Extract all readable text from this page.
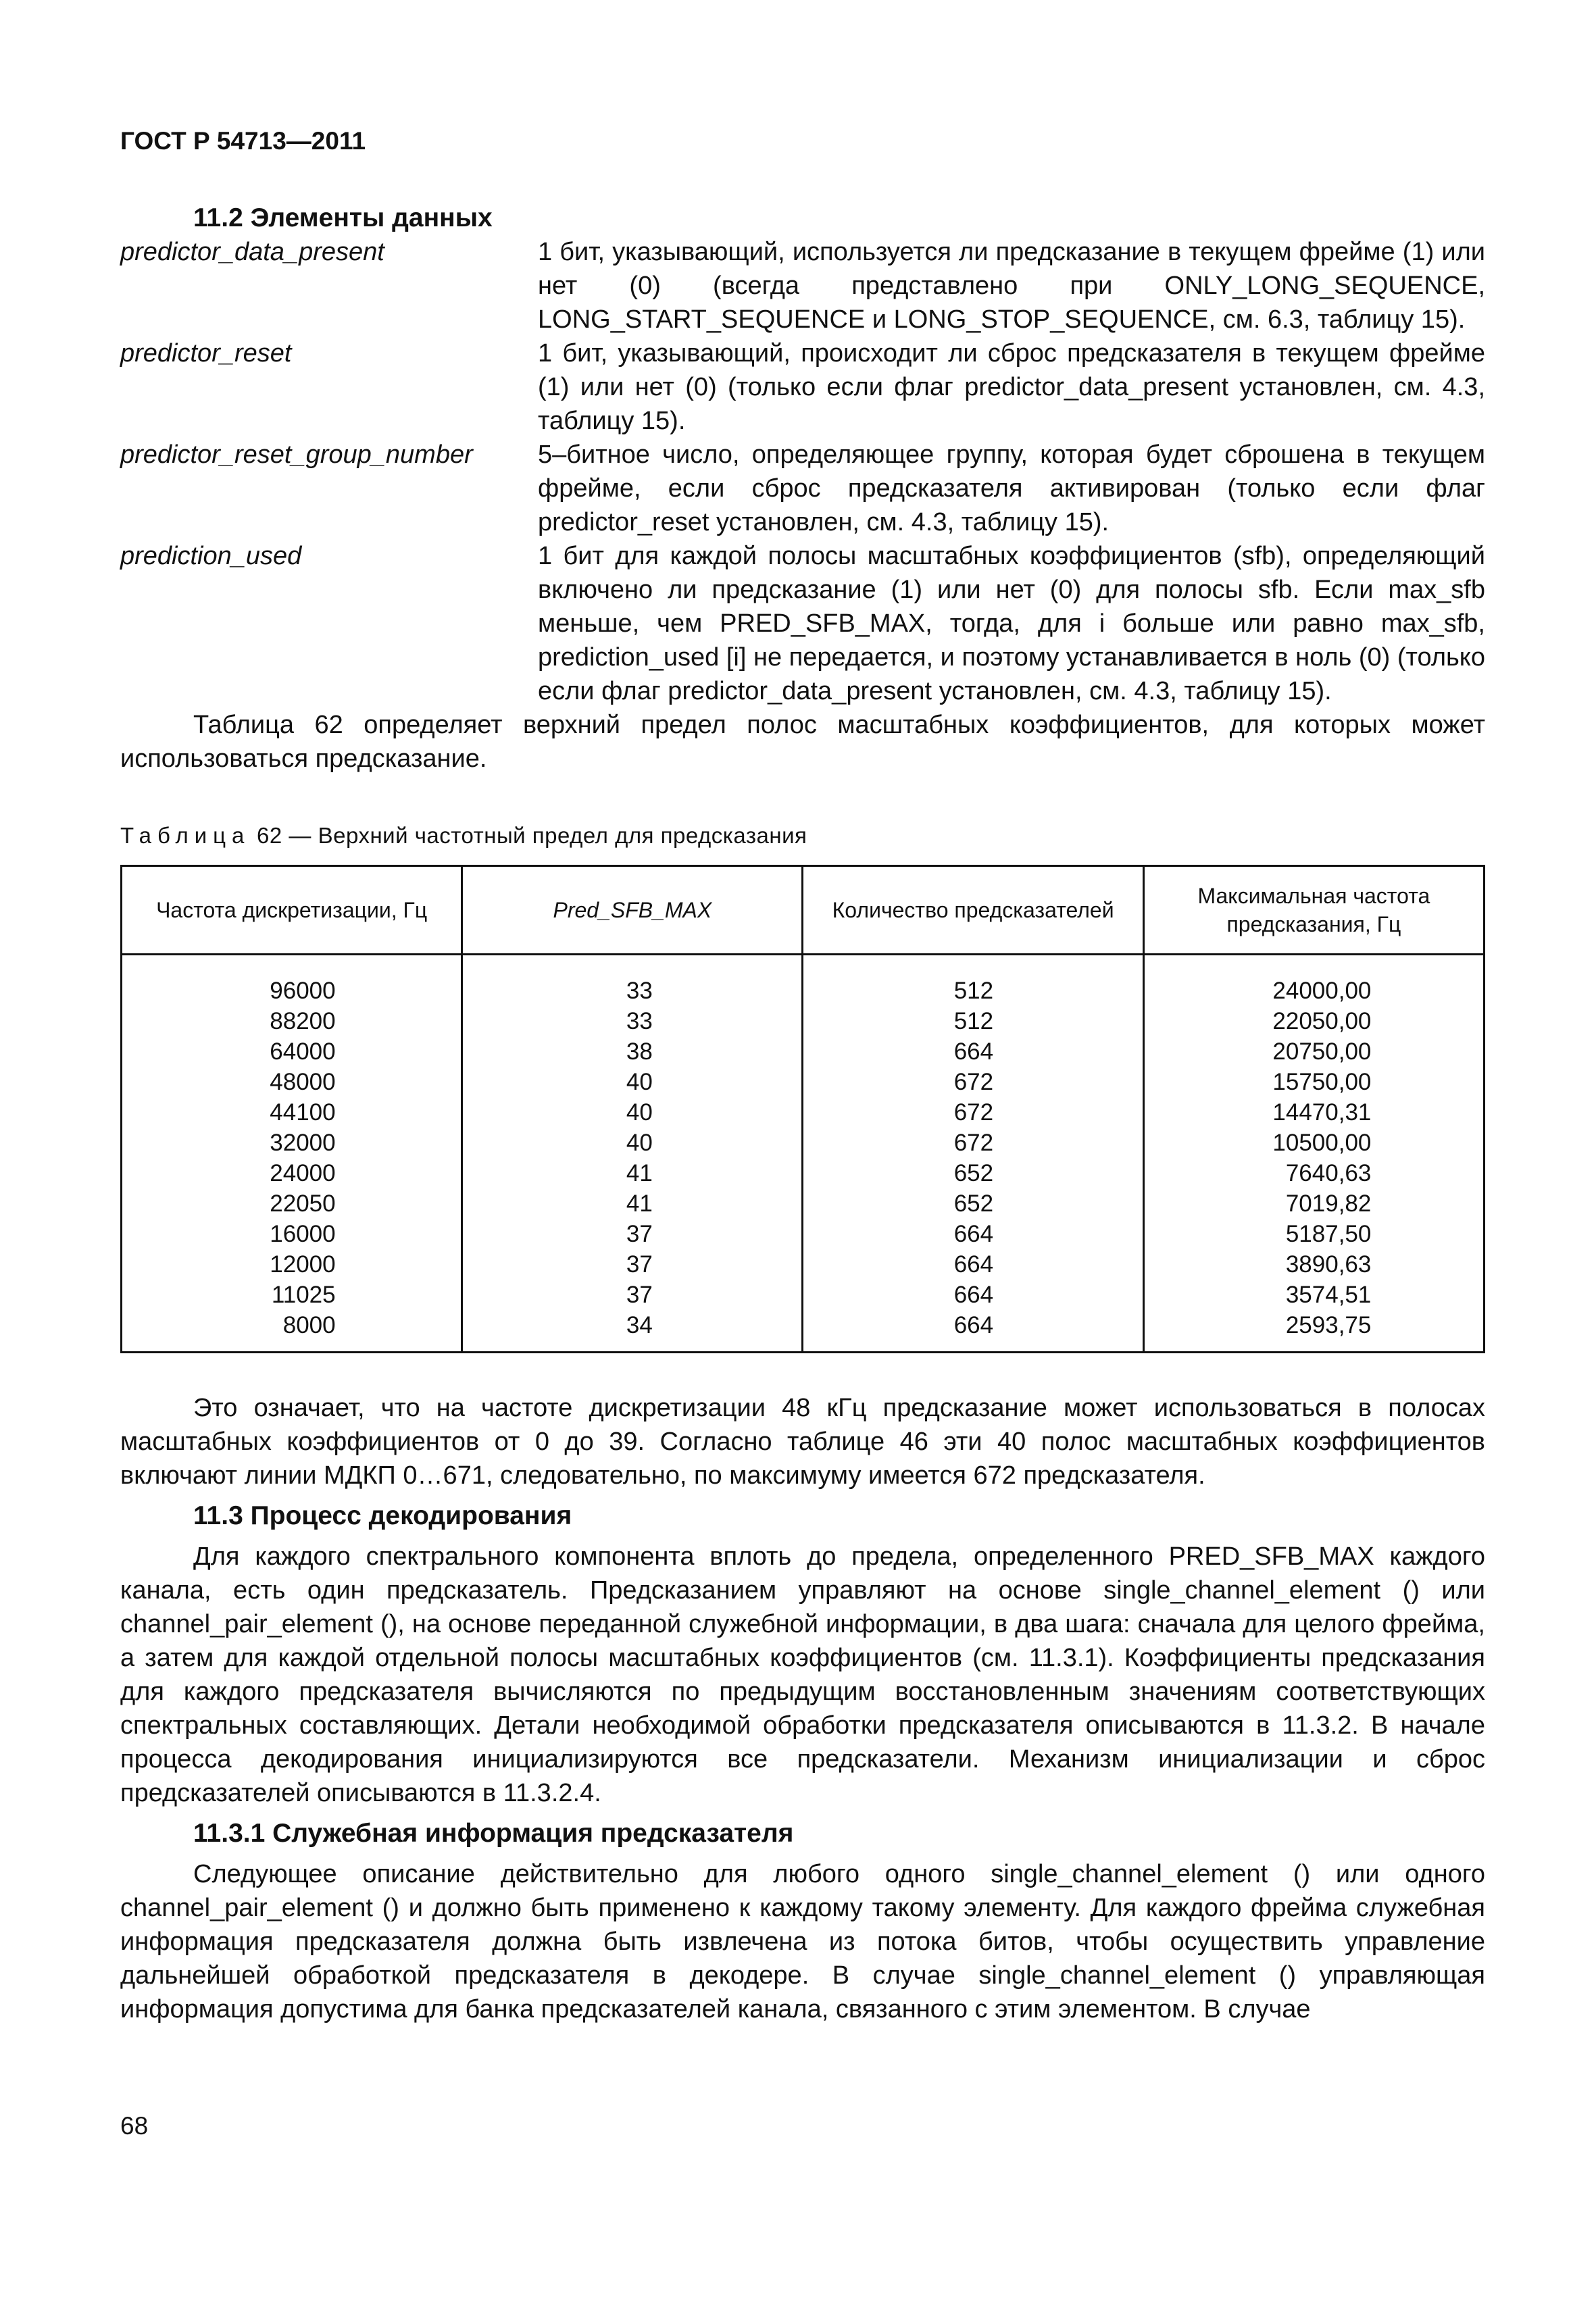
ГОСТ Р 54713—2011
11.2 Элементы данных
predictor_data_present	1 бит, указывающий, используется ли предсказание в текущем фрейме (1) или нет (0) (всегда представлено при ONLY_LONG_SEQUENCE, LONG_START_SEQUENCE и LONG_STOP_SEQUENCE, см. 6.3, таблицу 15).
predictor_reset	1 бит, указывающий, происходит ли сброс предсказателя в текущем фрейме (1) или нет (0) (только если флаг predictor_data_present установлен, см. 4.3, таблицу 15).
predictor_reset_group_number	5–битное число, определяющее группу, которая будет сброшена в текущем фрейме, если сброс предсказателя активирован (только если флаг predictor_reset установлен, см. 4.3, таблицу 15).
prediction_used	1 бит для каждой полосы масштабных коэффициентов (sfb), определяющий включено ли предсказание (1) или нет (0) для полосы sfb. Если max_sfb меньше, чем PRED_SFB_MAX, тогда, для i больше или равно max_sfb, prediction_used [i] не передается, и поэтому устанавливается в ноль (0) (только если флаг predictor_data_present установлен, см. 4.3, таблицу 15).

Таблица 62 определяет верхний предел полос масштабных коэффициентов, для которых может использоваться предсказание.

Таблица 62 — Верхний частотный предел для предсказания
Частота дискретизации, Гц	Pred_SFB_MAX	Количество предсказателей	Максимальная частота предсказания, Гц
96000	33	512	24000,00
88200	33	512	22050,00
64000	38	664	20750,00
48000	40	672	15750,00
44100	40	672	14470,31
32000	40	672	10500,00
24000	41	652	7640,63
22050	41	652	7019,82
16000	37	664	5187,50
12000	37	664	3890,63
11025	37	664	3574,51
8000	34	664	2593,75

Это означает, что на частоте дискретизации 48 кГц предсказание может использоваться в полосах масштабных коэффициентов от 0 до 39. Согласно таблице 46 эти 40 полос масштабных коэффициентов включают линии МДКП 0…671, следовательно, по максимуму имеется 672 предсказателя.

11.3 Процесс декодирования

Для каждого спектрального компонента вплоть до предела, определенного PRED_SFB_MAX каждого канала, есть один предсказатель. Предсказанием управляют на основе single_channel_element () или channel_pair_element (), на основе переданной служебной информации, в два шага: сначала для целого фрейма, а затем для каждой отдельной полосы масштабных коэффициентов (см. 11.3.1). Коэффициенты предсказания для каждого предсказателя вычисляются по предыдущим восстановленным значениям соответствующих спектральных составляющих. Детали необходимой обработки предсказателя описываются в 11.3.2. В начале процесса декодирования инициализируются все предсказатели. Механизм инициализации и сброс предсказателей описываются в 11.3.2.4.

11.3.1 Служебная информация предсказателя

Следующее описание действительно для любого одного single_channel_element () или одного channel_pair_element () и должно быть применено к каждому такому элементу. Для каждого фрейма служебная информация предсказателя должна быть извлечена из потока битов, чтобы осуществить управление дальнейшей обработкой предсказателя в декодере. В случае single_channel_element () управляющая информация допустима для банка предсказателей канала, связанного с этим элементом. В случае

68
